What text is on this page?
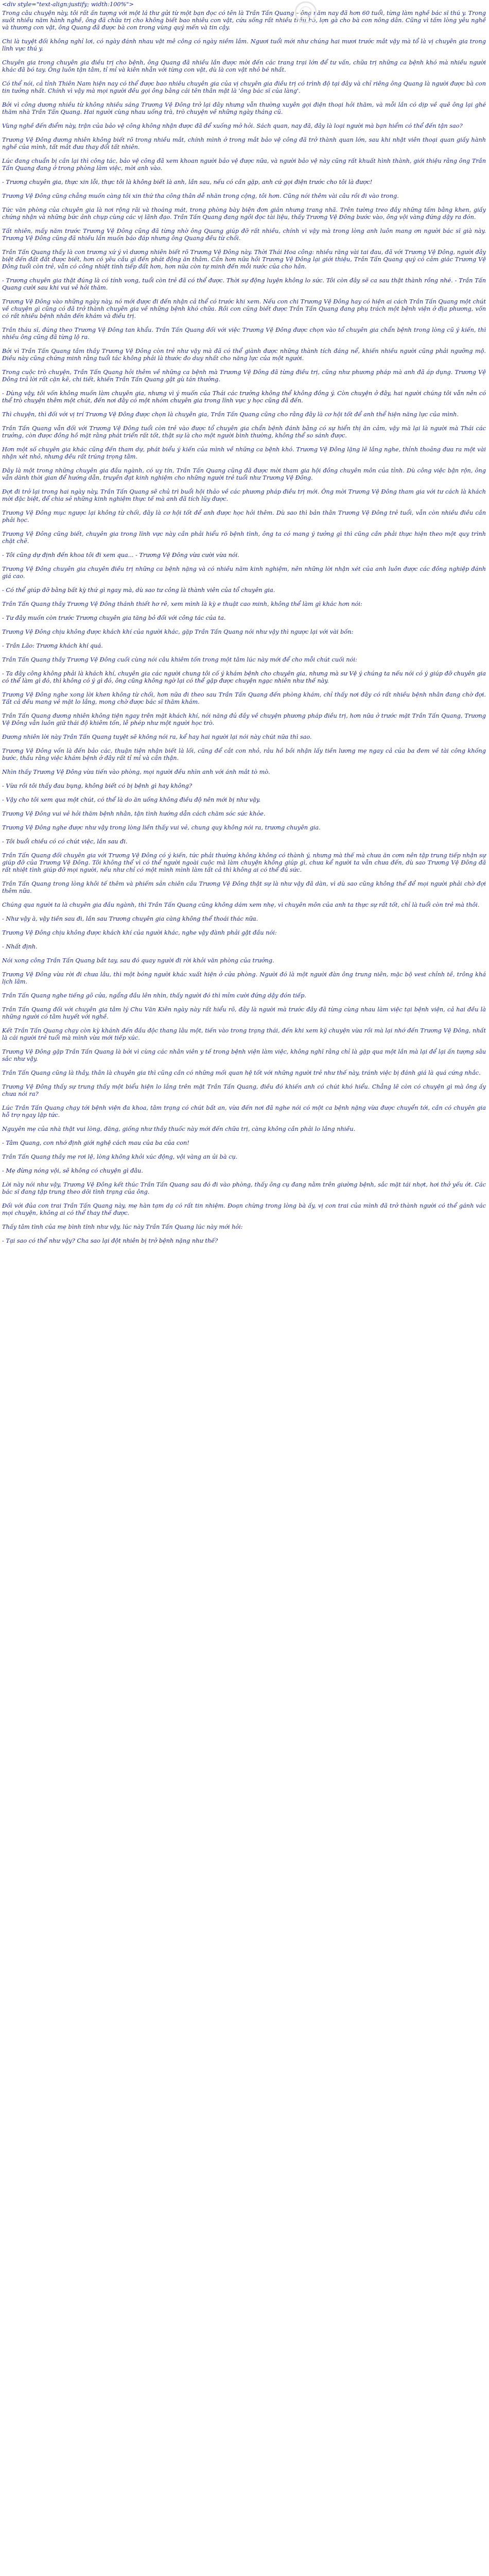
<div style="text-align:justify; width:100%">

Trong câu chuyện này, tôi rất ấn tượng với một lá thư gửi từ một bạn đọc có tên là Trần Tấn Quang – ông năm nay đã hơn 60 tuổi, từng làm nghề bác sĩ thú y. Trong suốt nhiều năm hành nghề, ông đã chữa trị cho không biết bao nhiêu con vật, cứu sống rất nhiều trâu bò, lợn gà cho bà con nông dân. Cũng vì tấm lòng yêu nghề và thương con vật, ông Quang đã được bà con trong vùng quý mến và tin cậy.

Chi là tuyệt đối không nghỉ lơi, có ngày đánh nhau vật mê công có ngày niềm lắm. Ngươi tuổi mới như chúng hai mươi trước mắt vậy mà tổ là vị chuyên gia trong lĩnh vực thú y.

Chuyên gia trong chuyên gia điều trị cho bệnh, ông Quang đã nhiều lần được mời đến các trang trại lớn để tư vấn, chữa trị những ca bệnh khó mà nhiều người khác đã bó tay. Ông luôn tận tâm, tỉ mỉ và kiên nhẫn với từng con vật, dù là con vật nhỏ bé nhất.

Có thể nói, cả tỉnh Thiên Nam hiện nay có thể được bao nhiêu chuyên gia của vị chuyên gia điều trị có trình độ tại đây và chỉ riêng ông Quang là người được bà con tin tưởng nhất. Chính vì vậy mà mọi người đều gọi ông bằng cái tên thân mật là 'ông bác sĩ của làng'.

Bởi vì công dương nhiều từ không nhiều sáng Trương Vệ Đông trở lại đây nhưng vẫn thường xuyên gọi điện thoại hỏi thăm, và mỗi lần có dịp về quê ông lại ghé thăm nhà Trần Tấn Quang. Hai người cùng nhau uống trà, trò chuyện về những ngày tháng cũ.

Vùng nghề đến điểm này, trận của bảo vệ công không nhận được đã để xuống mở hỏi. Sách quan, nay đã, đây là loại người mà bạn hiểm có thể đến tận sao?

Trương Vệ Đông đương nhiên không biết rõ trong nhiều mắt, chính mình ở trong mắt bảo vệ công đã trở thành quan lớn, sau khi nhật viên thoại quan giấy hành nghề của mình, tất mắt đưa thay đổi tất nhiên.

Lúc đang chuẩn bị cần lại thì công tác, bảo vệ công đã xem khoan người bảo vệ được nữa, và người bảo vệ này cũng rất khuất hình thành, giới thiệu rằng ông Trần Tấn Quang đang ở trong phòng làm việc, mời anh vào.

- Trương chuyên gia, thực xin lỗi, thực tôi là không biết là anh, lần sau, nếu có cần gặp, anh cứ gọi điện trước cho tôi là được!

Trương Vệ Đông cũng chẳng muốn càng tôi xin thứ tha công thân dễ nhăn trong cộng, tôi hơn. Cũng nói thêm vài câu rồi đi vào trong.

Tức văn phòng của chuyên gia là nơi rộng rãi và thoáng mát, trong phòng bày biện đơn giản nhưng trang nhã. Trên tường treo đầy những tấm bằng khen, giấy chứng nhận và những bức ảnh chụp cùng các vị lãnh đạo. Trần Tấn Quang đang ngồi đọc tài liệu, thấy Trương Vệ Đông bước vào, ông vội vàng đứng dậy ra đón.

Tất nhiên, mấy năm trước Trương Vệ Đông cũng đã từng nhờ ông Quang giúp đỡ rất nhiều, chính vì vậy mà trong lòng anh luôn mang ơn người bác sĩ già này. Trương Vệ Đông cũng đã nhiều lần muốn báo đáp nhưng ông Quang đều từ chối.

Trần Tấn Quang thấy là con trương xứ ý vì dương nhiên biết rõ Trương Vệ Đông này. Thời Thái Hoa công: nhiều răng vài tai đau, đã với Trương Vệ Đông, người đây biệt đến đất đất được biết, hơn có yêu cầu gì đến phát động ăn thâm. Cần hơn nữa hồi Trương Vệ Đông lại giới thiệu, Trần Tấn Quang quý có cảm giác Trương Vệ Đông tuổi còn trẻ, vẫn có công nhiệt tình tiếp đất hơn, hơn nữa còn tự minh đến mỗi nước của cho hắn.

- Trương chuyên gia thật đúng là có tính vong, tuổi còn trẻ đã có thể được. Thời sự động luyện không lo sức. Tôi còn đây sẽ ca sau thật thành rồng nhé. - Trần Tấn Quang cười sau khi vui vẻ hỏi thăm.

Trương Vệ Đông vào những ngày này, nó mới được đi đến nhận cả thể có trước khi xem. Nếu con chi Trương Vệ Đông hay có hiện ai cách Trần Tấn Quang một chút về chuyện gì cũng có đã trở thành chuyên gia về những bệnh khó chữa. Rồi con cũng biết được Trần Tấn Quang đang phụ trách một bệnh viện ở địa phương, vốn có rất nhiều bệnh nhân đến khám và điều trị.

Trần tháu sĩ, đúng theo Trương Vệ Đông tan khẩu. Trần Tấn Quang đối với việc Trương Vệ Đông được chọn vào tổ chuyên gia chẩn bệnh trong lòng cũ ý kiến, thì nhiều ông cũng đã từng lộ ra.

Bởi vì Trần Tấn Quang tầm thầy Trương Vệ Đông còn trẻ như vậy mà đã có thể giành được những thành tích đáng nể, khiến nhiều người cũng phải ngưỡng mộ. Điều này cũng chứng minh rằng tuổi tác không phải là thước đo duy nhất cho năng lực của một người.

Trong cuộc trò chuyện, Trần Tấn Quang hỏi thêm về những ca bệnh mà Trương Vệ Đông đã từng điều trị, cũng như phương pháp mà anh đã áp dụng. Trương Vệ Đông trả lời rất cặn kẽ, chi tiết, khiến Trần Tấn Quang gật gù tán thưởng.

- Dùng vậy, tôi vốn không muốn làm chuyên gia, nhưng vì ý muốn của Thái các trưởng không thể không đồng ý. Còn chuyện ở đây, hai người chúng tôi vẫn nên có thể trò chuyện thêm một chút, đến nơi đây có một nhóm chuyên gia trong lĩnh vực y học cũng đã đến.

Thì chuyện, thì đối với vị trí Trương Vệ Đông được chọn là chuyên gia, Trần Tấn Quang cũng cho rằng đây là cơ hội tốt để anh thể hiện năng lực của mình.

Trần Tấn Quang vẫn đối với Trương Vệ Đông tuổi còn trẻ vào được tổ chuyên gia chẩn bệnh đánh bằng có sự hiển thị ăn cảm, vậy mà lại là người mà Thái các trưởng, còn được đồng hồ mặt rằng phát triển rất tốt, thật sự là cho một người bình thường, không thể so sánh được.

Hơn một số chuyên gia khác cũng đến tham dự, phát biểu ý kiến của mình về những ca bệnh khó. Trương Vệ Đông lặng lẽ lắng nghe, thỉnh thoảng đưa ra một vài nhận xét nhỏ, nhưng đều rất trúng trọng tâm.

Đây là một trong những chuyên gia đầu ngành, có uy tín, Trần Tấn Quang cũng đã được mời tham gia hội đồng chuyên môn của tỉnh. Dù công việc bận rộn, ông vẫn dành thời gian để hướng dẫn, truyền đạt kinh nghiệm cho những người trẻ tuổi như Trương Vệ Đông.

Đợt đi trở lại trong hai ngày này, Trần Tấn Quang sẽ chủ trì buổi hội thảo về các phương pháp điều trị mới. Ông mời Trương Vệ Đông tham gia với tư cách là khách mời đặc biệt, để chia sẻ những kinh nghiệm thực tế mà anh đã tích lũy được.

Trương Vệ Đông mục ngược lại không từ chối, đây là cơ hội tốt để anh được học hỏi thêm. Dù sao thì bản thân Trương Vệ Đông trẻ tuổi, vẫn còn nhiều điều cần phải học.

Trương Vệ Đông cũng biết, chuyên gia trong lĩnh vực này cần phải hiểu rõ bệnh tình, ông ta có mang ý tưởng gì thì cũng cần phải thực hiện theo một quy trình chặt chẽ.

- Tôi cũng dự định đến khoa tôi đi xem qua... - Trương Vệ Đông vừa cười vừa nói.

Trương Vệ Đông chuyên gia chuyên điều trị những ca bệnh nặng và có nhiều năm kinh nghiệm, nên những lời nhận xét của anh luôn được các đồng nghiệp đánh giá cao.

- Có thể giúp đỡ bằng bất kỳ thứ gì ngay mà, dù sao tư công là thành viên của tổ chuyên gia.

Trần Tấn Quang thầy Trương Vệ Đông thánh thiết hơ rê, xem mình là kỳ e thuật cao minh, không thể làm gì khác hơn nói:

- Tư đây muốn còn trước Trương chuyên gia tăng bỏ đối với công tác của ta.

Trương Vệ Đông chịu không được khách khí của người khác, gặp Trần Tấn Quang nói như vậy thì ngược lại với vài bốn:

- Trần Lão: Trương khách khí quá.

Trần Tấn Quang thầy Trương Vệ Đông cuối cùng nói câu khiêm tốn trong một tâm lúc này mới để cho mỗi chút cuối nói:

- Ta đây công không phải là khách khí, chuyên gia các người chung tôi cố ý khám bệnh cho chuyên gia, nhưng mà sư Vệ ý chúng ta nếu nói có ý giúp đỡ chuyên gia có thể làm gì đó, thì không có ý gì đó, ông cũng không ngờ lại có thể gặp được chuyện ngạc nhiên như thế này.

Trương Vệ Đông nghe xong lời khen không từ chối, hơn nữa đi theo sau Trần Tấn Quang đến phòng khám, chỉ thấy nơi đây có rất nhiều bệnh nhân đang chờ đợi. Tất cả đều mang vẻ mặt lo lắng, mong chờ được bác sĩ thăm khám.

Trần Tấn Quang đương nhiên không tiện ngay trên mặt khách khí, nói năng đủ đầy về chuyện phương pháp điều trị, hơn nữa ở trước mặt Trần Tấn Quang, Trương Vệ Đông vẫn luôn giữ thái độ khiêm tốn, lễ phép như một người học trò.

Đương nhiên lời này Trần Tấn Quang tuyệt sẽ không nói ra, kể hay hai người lại nói này chút nữa thì sao.

Trương Vệ Đông vốn là đến bảo các, thuận tiện nhận biết là lối, cũng để cắt con nhỏ, rảu hồ bồi nhận lấy tiền lương mẹ ngay cả của ba đem về tài công khống bước, thấu rằng việc khám bệnh ở đây rất tỉ mỉ và cần thận.

Nhìn thấy Trương Vệ Đông vừa tiến vào phòng, mọi người đều nhìn anh với ánh mắt tò mò.

- Vừa rồi tôi thấy đau bụng, không biết có bị bệnh gì hay không?

- Vậy cho tôi xem qua một chút, có thể là do ăn uống không điều độ nên mới bị như vậy.

Trương Vệ Đông vui vẻ hỏi thăm bệnh nhân, tận tình hướng dẫn cách chăm sóc sức khỏe.

Trương Vệ Đông nghe được như vậy trong lòng liền thấy vui vẻ, chung quy không nói ra, trương chuyên gia.

- Tôi buổi chiều có có chút việc, lần sau đi.

Trần Tấn Quang đối chuyên gia với Trương Vệ Đông có ý kiến, tức phải thường không không có thành ý, nhưng mà thế mà chưa ăn cơm nên tập trung tiếp nhận sự giúp đỡ của Trương Vệ Đông. Tôi không thể vì có thể người ngoài cuộc mà làm chuyện không giúp gì, chưa kể người ta vẫn chưa đến, dù sao Trương Vệ Đông đã rất nhiệt tình giúp đỡ mọi người, nếu như chỉ có một mình mình làm tất cả thì không ai có thể đủ sức.

Trần Tấn Quang trong lòng khôi tế thêm và phiếm sản chiên cầu Trương Vệ Đông thật sự là như vậy đã dàn, vì dù sao cũng không thể để mọi người phải chờ đợi thêm nữa.

Chúng qua người ta là chuyên gia đầu ngành, thì Trần Tấn Quang cũng không dám xem nhẹ, vì chuyên môn của anh ta thực sự rất tốt, chỉ là tuổi còn trẻ mà thôi.

- Như vậy à, vậy tiền sau đi, lần sau Trương chuyên gia càng không thể thoái thác nữa.

Trương Vệ Đông chịu không được khách khí của người khác, nghe vậy đành phải gật đầu nói:

- Nhất định.

Nói xong công Trần Tấn Quang bắt tay, sau đó quay người đi rời khỏi văn phòng của trưởng.

Trương Vệ Đông vừa rời đi chưa lâu, thì một bóng người khác xuất hiện ở cửa phòng. Người đó là một người đàn ông trung niên, mặc bộ vest chỉnh tề, trông khá lịch lãm.

Trần Tấn Quang nghe tiếng gõ cửa, ngẩng đầu lên nhìn, thấy người đó thì mỉm cười đứng dậy đón tiếp.

Trần Tấn Quang đối với chuyên gia tâm lý Chu Văn Kiên ngày này rất hiểu rõ, đây là người mà trước đây đã từng cùng nhau làm việc tại bệnh viện, cả hai đều là những người có tâm huyết với nghề.

Kết Trần Tấn Quang chạy còn kỳ khánh đến đầu độc thang lâu một, tiến vào trong trạng thái, đến khi xem kỹ chuyện vừa rồi mà lại nhớ đến Trương Vệ Đông, nhất là cái người trẻ tuổi mà mình vừa mới tiếp xúc.

Trương Vệ Đông gặp Trần Tấn Quang là bởi vì cùng các nhân viên y tế trong bệnh viện làm việc, không nghĩ rằng chỉ là gặp qua một lần mà lại để lại ấn tượng sâu sắc như vậy.

Trần Tấn Quang cũng là thầy, thân là chuyên gia thì cũng cần có những mối quan hệ tốt với những người trẻ như thế này, tránh việc bị đánh giá là quá cứng nhắc.

Trương Vệ Đông thấy sự trung thấy một biểu hiện lo lắng trên mặt Trần Tấn Quang, điều đó khiến anh có chút khó hiểu. Chẳng lẽ còn có chuyện gì mà ông ấy chưa nói ra?

Lúc Trần Tấn Quang chạy tới bệnh viện đa khoa, tâm trạng có chút bất an, vừa đến nơi đã nghe nói có một ca bệnh nặng vừa được chuyển tới, cần có chuyên gia hỗ trợ ngay lập tức.

Nguyên mẹ của nhà thật vui lòng, đăng, giống như thầy thuốc này mới đến chữa trị, càng không cần phải lo lắng nhiều.

- Tâm Quang, con nhớ định giới nghệ cách mau của ba của con!

Trần Tấn Quang thầy mẹ rơi lệ, lòng không khỏi xúc động, vội vàng an ủi bà cụ.

- Mẹ đừng nóng vội, sẽ không có chuyện gì đâu.

Lời này nói như vậy, Trương Vệ Đông kết thúc Trần Tấn Quang sau đó đi vào phòng, thấy ông cụ đang nằm trên giường bệnh, sắc mặt tái nhợt, hơi thở yếu ớt. Các bác sĩ đang tập trung theo dõi tình trạng của ông.

Đối với đủa con trai Trần Tấn Quang này, mẹ hàn tạm dạ có rất tin nhiệm. Đoạn chừng trong lòng bà ấy, vị con trai của mình đã trở thành người có thể gánh vác mọi chuyện, không ai có thể thay thế được.

Thấy tâm tình của mẹ bình tĩnh như vậy, lúc này Trần Tấn Quang lúc này mới hỏi:

- Tại sao có thể như vậy? Cha sao lại đột nhiên bị trở bệnh nặng như thế?
